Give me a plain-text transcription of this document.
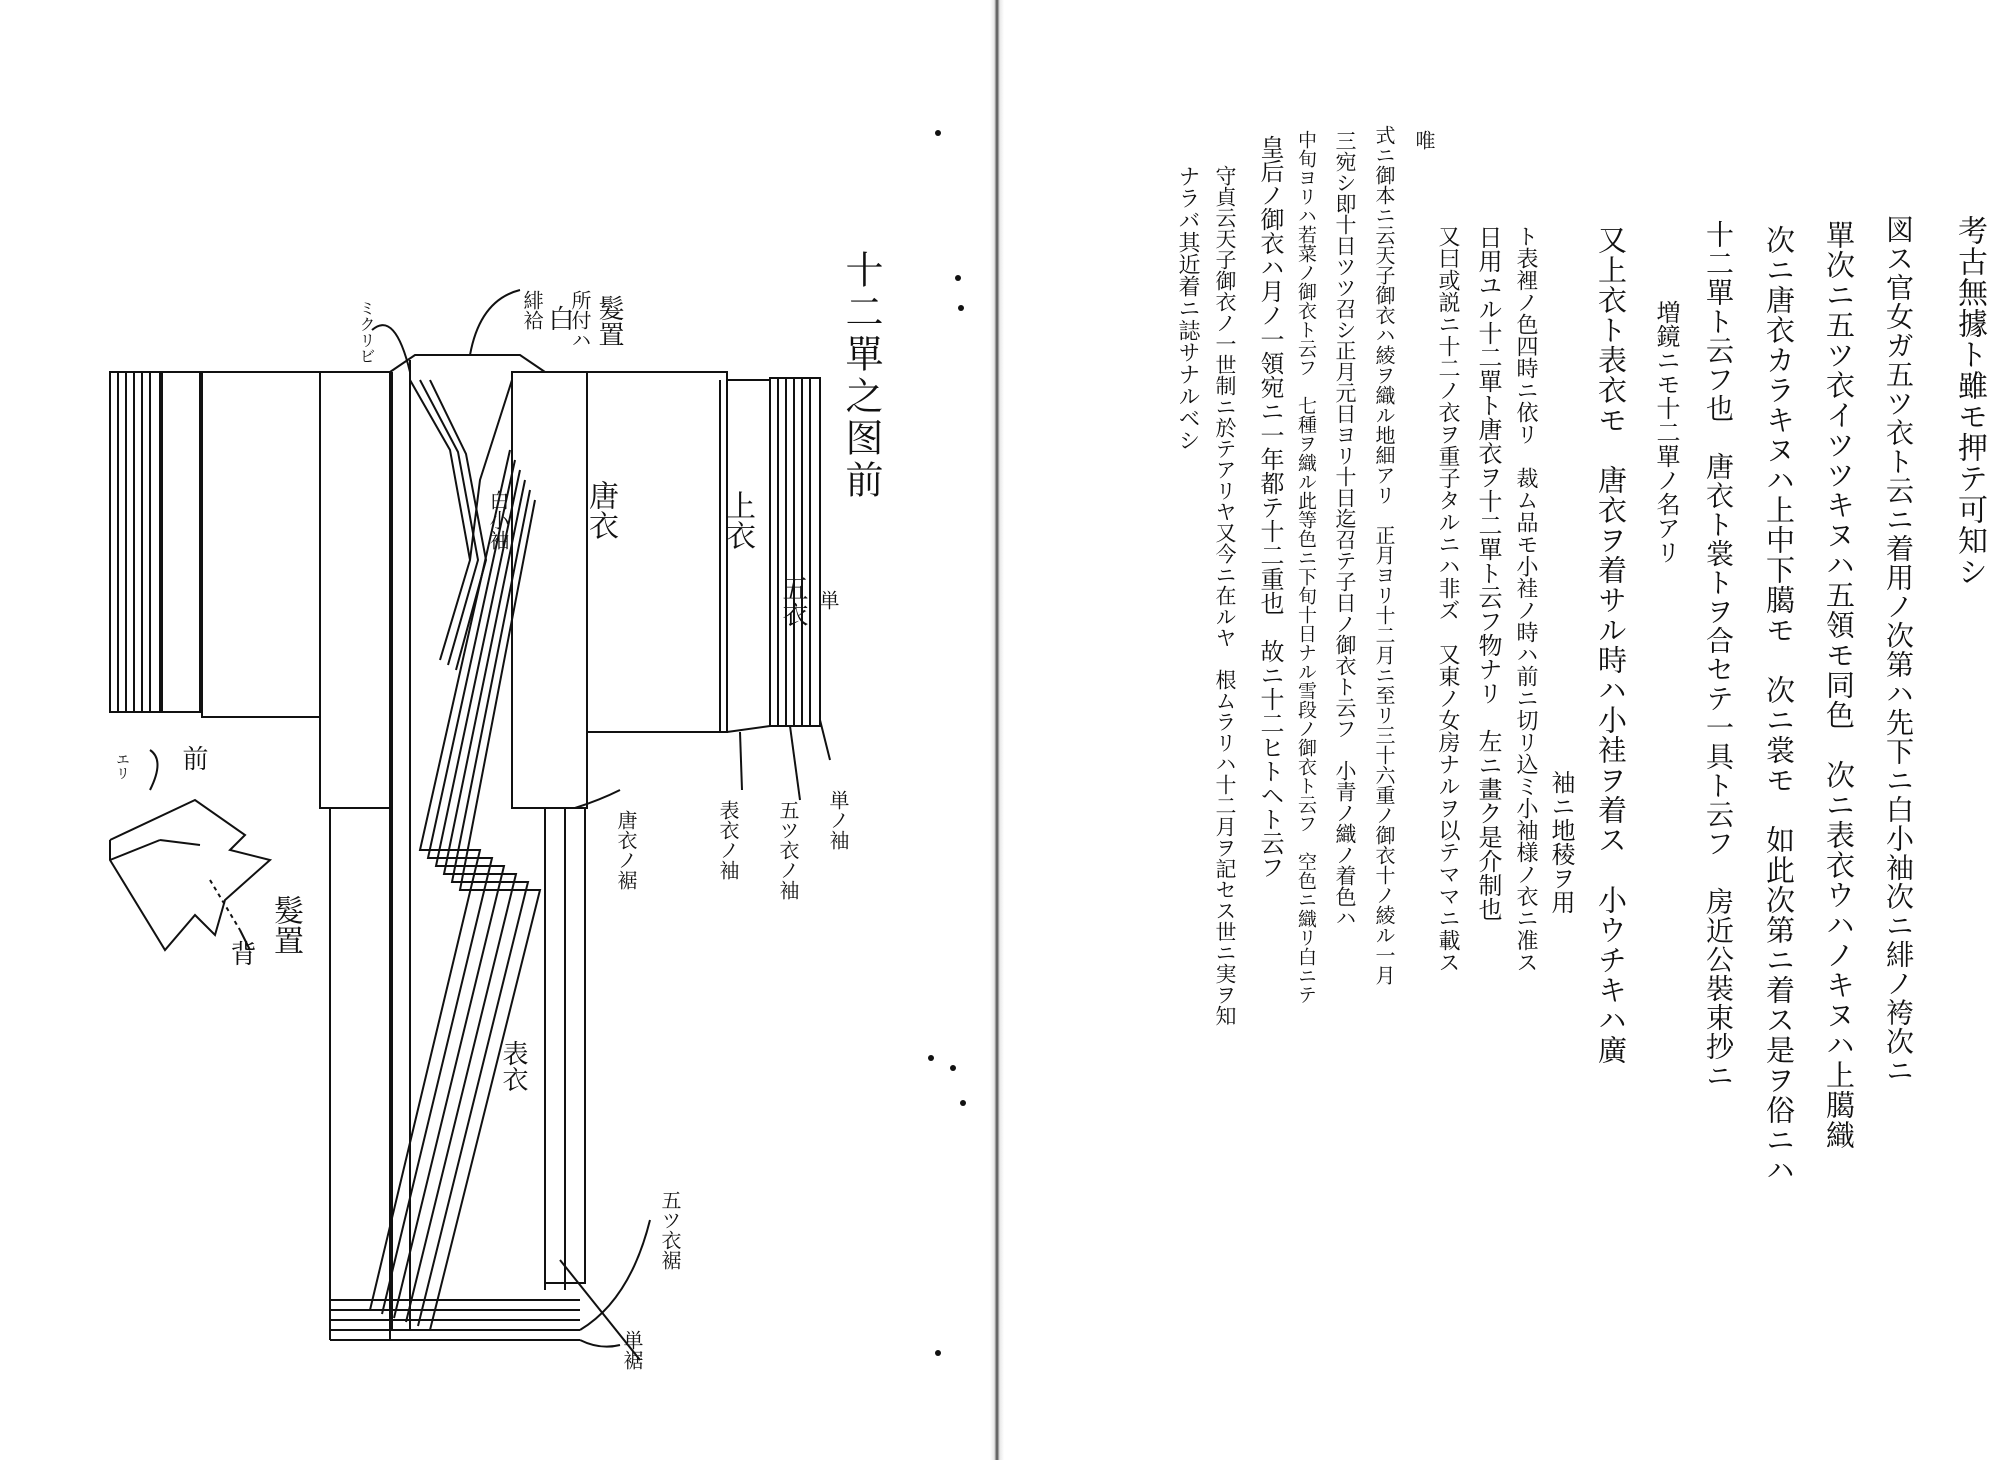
十二單之图前
髮置
所付ハ
白
緋袷
ミクリビ
白小袖 唐衣	上衣
五衣 単
単ノ袖
五ツ衣ノ袖
表衣ノ袖
唐衣ノ裾
表衣
五ツ衣裾
単裾
前
エリ
髮置
背
唯
考古無據ト雖モ押テ可知シ
図ス官女ガ五ツ衣ト云ニ着用ノ次第ハ先下ニ白小袖次ニ緋ノ袴次ニ
單次ニ五ツ衣イツツキヌハ五領モ同色　次ニ表衣ウハノキヌハ上臈織
次ニ唐衣カラキヌハ上中下臈モ　次ニ裳モ　如此次第ニ着ス是ヲ俗ニハ
十二單ト云フ也　唐衣ト裳トヲ合セテ一具ト云フ　房近公裝束抄ニ
増鏡ニモ十二單ノ名アリ
又上衣ト表衣モ　唐衣ヲ着サル時ハ小袿ヲ着ス　小ウチキハ廣
袖ニ地稜ヲ用
ト表裡ノ色四時ニ依リ　裁ム品モ小袿ノ時ハ前ニ切リ込ミ小袖様ノ衣ニ准ス
日用ユル十二單ト唐衣ヲ十二單ト云フ物ナリ　左ニ畫ク是介制也
又曰或説ニ十二ノ衣ヲ重子タルニハ非ズ　又東ノ女房ナルヲ以テママニ載ス
式ニ御本ニ云天子御衣ハ綾ヲ織ル地細アリ　正月ヨリ十二月ニ至リ三十六重ノ御衣十ノ綾ル一月
三宛シ即十日ツツ召シ正月元日ヨリ十日迄召テ子日ノ御衣ト云フ　小青ノ織ノ着色ハ
中旬ヨリハ若菜ノ御衣ト云フ　七種ヲ織ル此等色ニ下旬十日ナル雪段ノ御衣ト云フ　空色ニ織リ白ニテ
皇后ノ御衣ハ月ノ一領宛ニ一年都テ十二重也　故ニ十二ヒトヘト云フ
守貞云天子御衣ノ一世制ニ於テアリヤ又今ニ在ルヤ　根ムラリハ十二月ヲ記セス世ニ実ヲ知
ナラバ其近着ニ誌サナルベシ
